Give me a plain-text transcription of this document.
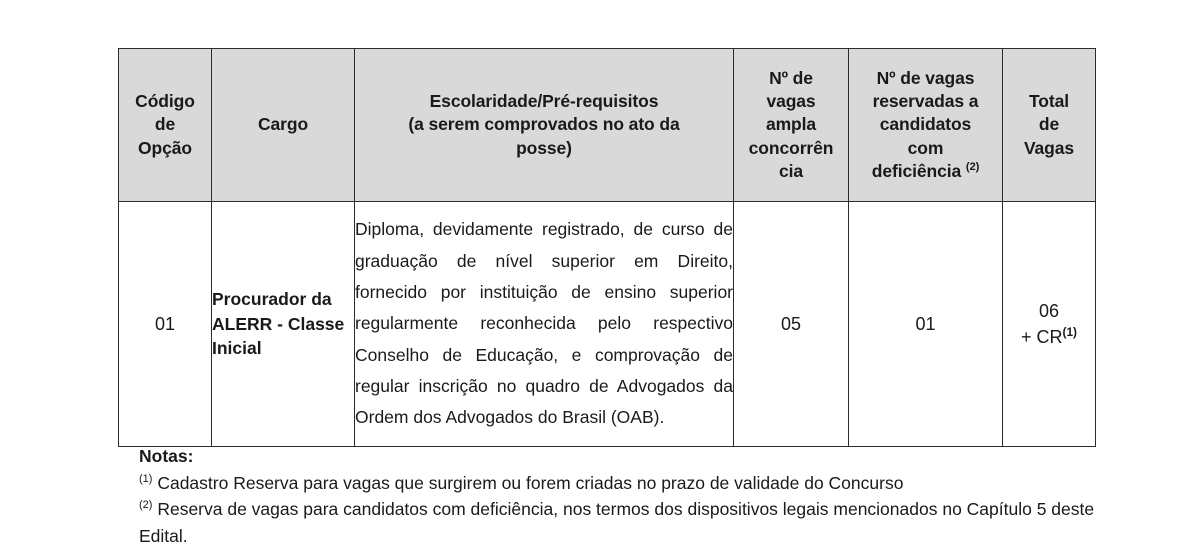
Código
de
Opção	Cargo	Escolaridade/Pré-requisitos
(a serem comprovados no ato da
posse)	Nº de
vagas
ampla
concorrên
cia	Nº de vagas
reservadas a
candidatos
com
deficiência $^{(2)}$	Total
de
Vagas

01	Procurador da ALERR - Classe Inicial	Diploma, devidamente registrado, de curso de graduação de nível superior em Direito, fornecido por instituição de ensino superior regularmente reconhecida pelo respectivo Conselho de Educação, e comprovação de regular inscrição no quadro de Advogados da Ordem dos Advogados do Brasil (OAB).	05	01	06
+ $CR^{(1)}$
Notas:
$^{(1)}$ Cadastro Reserva para vagas que surgirem ou forem criadas no prazo de validade do Concurso
$^{(2)}$ Reserva de vagas para candidatos com deficiência, nos termos dos dispositivos legais mencionados no Capítulo 5 deste Edital.
